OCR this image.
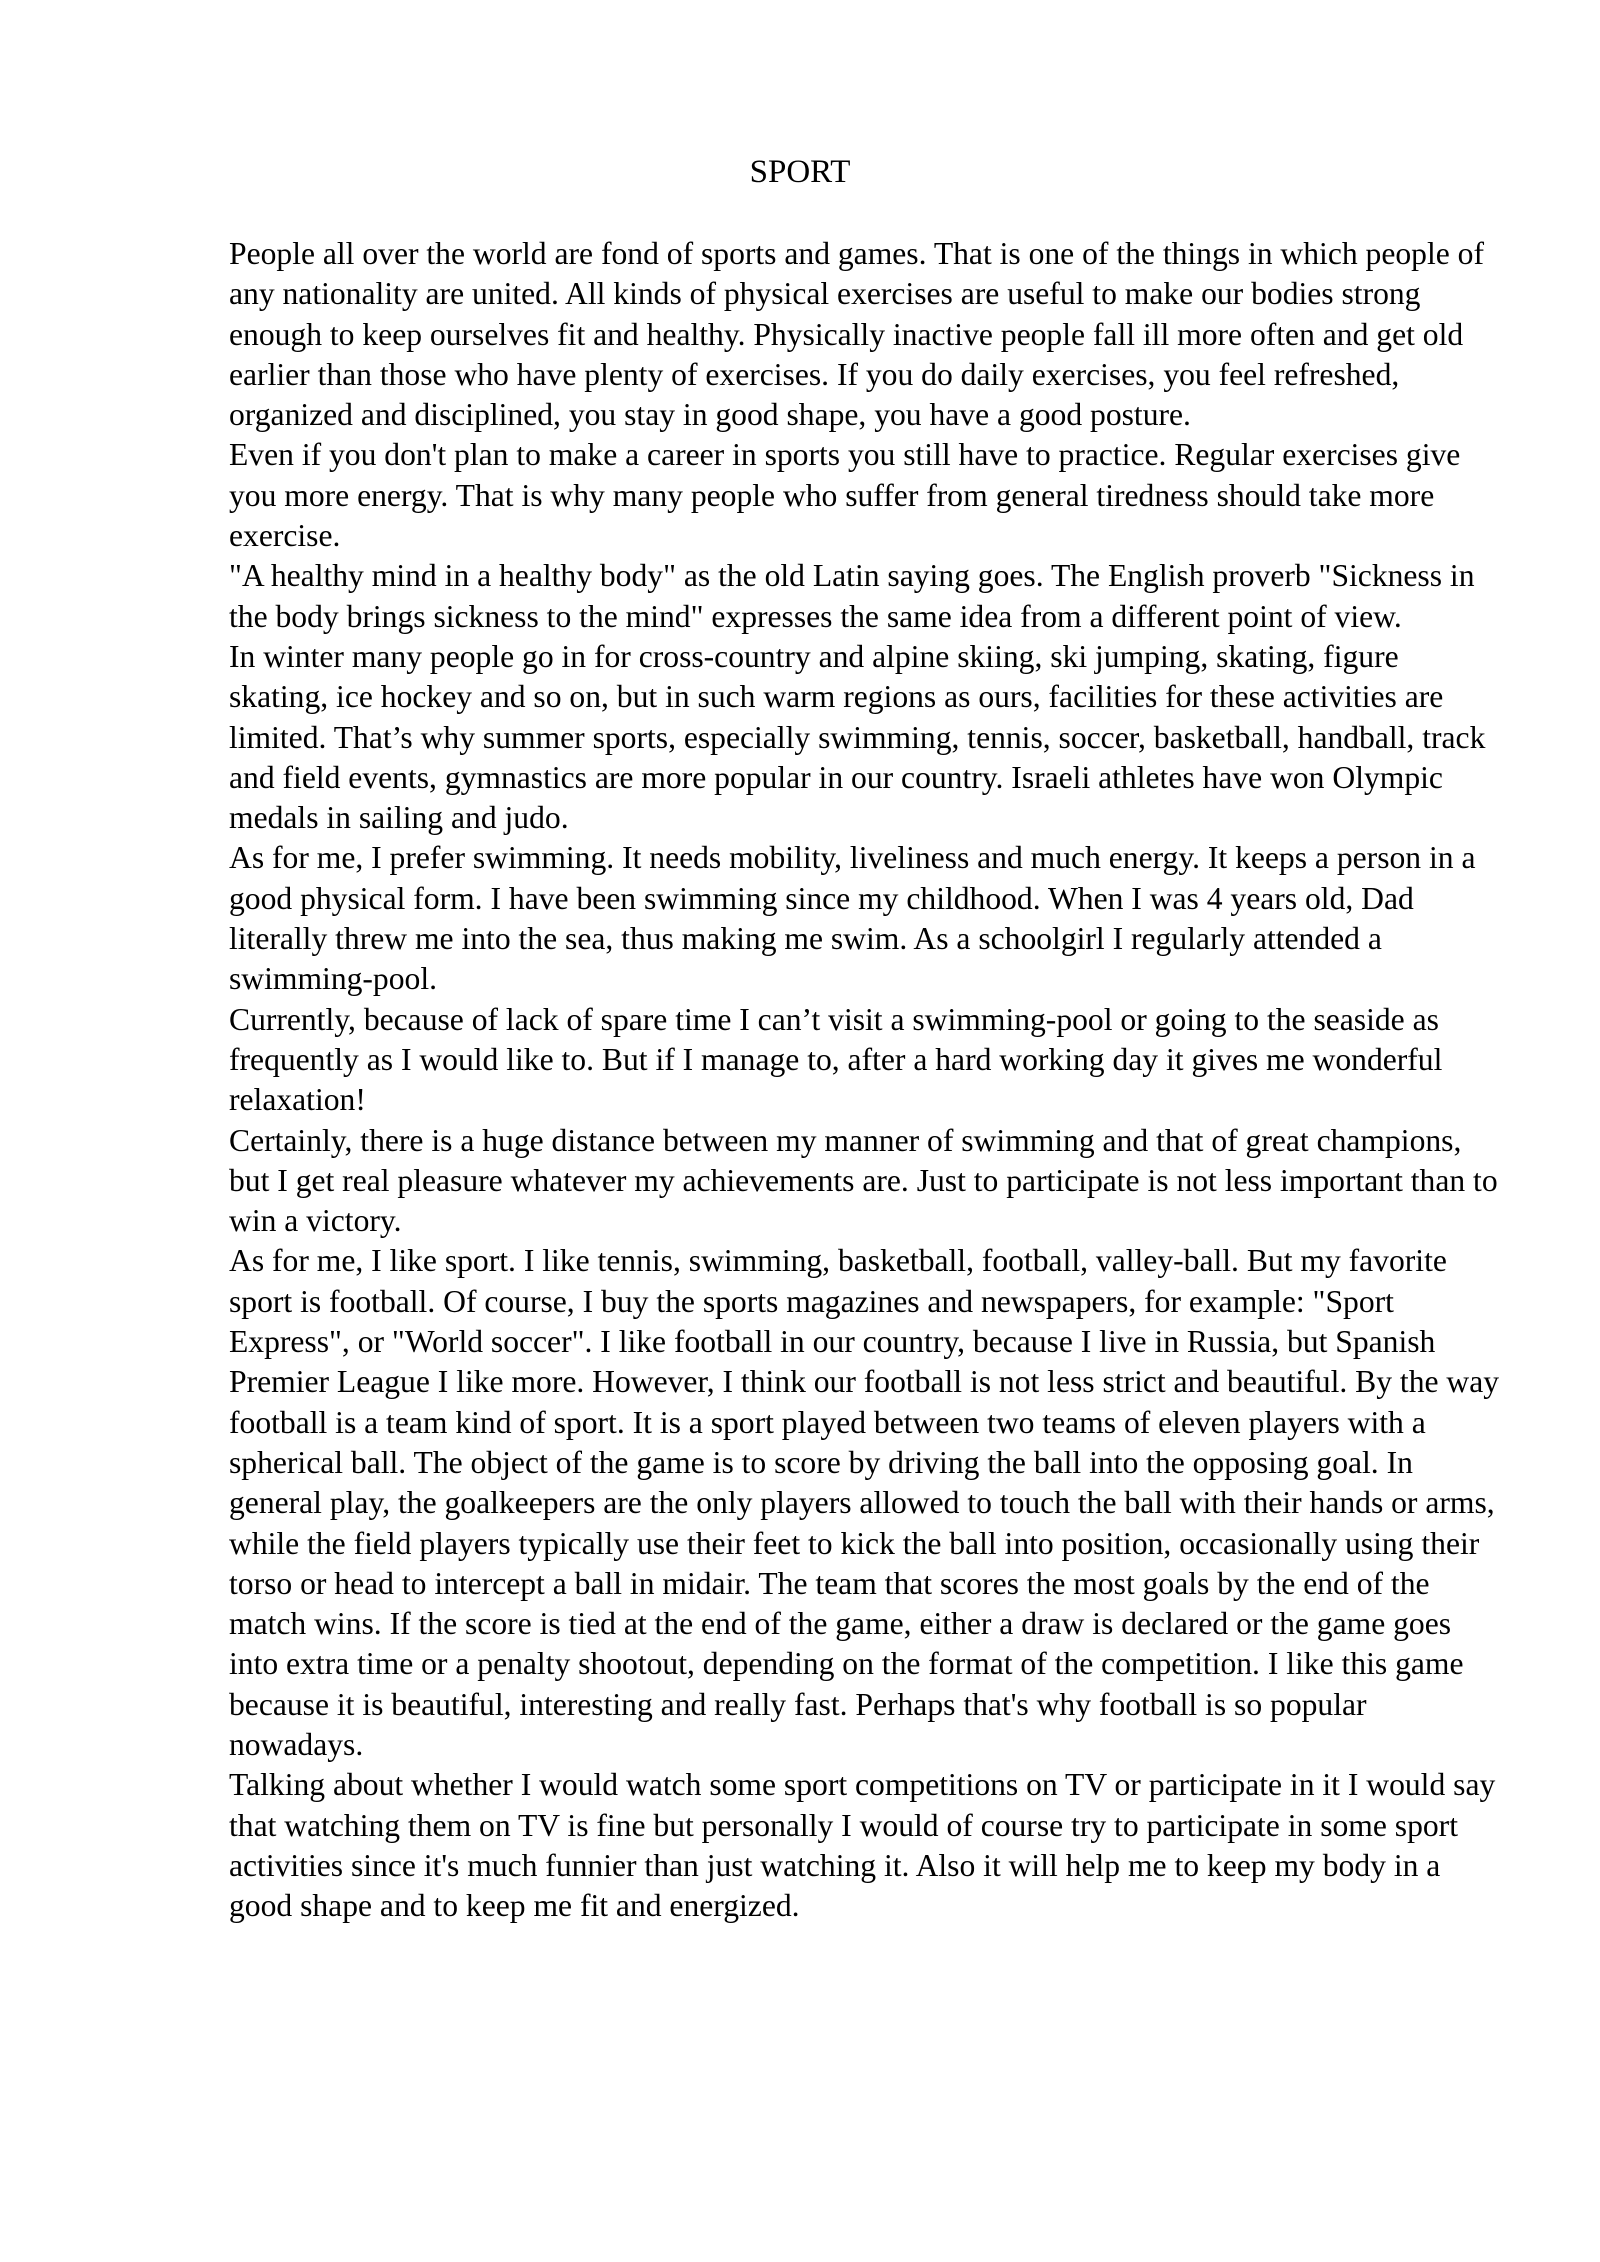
SPORT

People all over the world are fond of sports and games. That is one of the things in which people of any nationality are united. All kinds of physical exercises are useful to make our bodies strong enough to keep ourselves fit and healthy. Physically inactive people fall ill more often and get old earlier than those who have plenty of exercises. If you do daily exercises, you feel refreshed, organized and disciplined, you stay in good shape, you have a good posture.

Even if you don't plan to make a career in sports you still have to practice. Regular exercises give you more energy. That is why many people who suffer from general tiredness should take more exercise.

"A healthy mind in a healthy body" as the old Latin saying goes. The English proverb "Sickness in the body brings sickness to the mind" expresses the same idea from a different point of view.

In winter many people go in for cross-country and alpine skiing, ski jumping, skating, figure skating, ice hockey and so on, but in such warm regions as ours, facilities for these activities are limited. That’s why summer sports, especially swimming, tennis, soccer, basketball, handball, track and field events, gymnastics are more popular in our country. Israeli athletes have won Olympic medals in sailing and judo.

As for me, I prefer swimming. It needs mobility, liveliness and much energy. It keeps a person in a good physical form. I have been swimming since my childhood. When I was 4 years old, Dad literally threw me into the sea, thus making me swim. As a schoolgirl I regularly attended a swimming-pool.

Currently, because of lack of spare time I can’t visit a swimming-pool or going to the seaside as frequently as I would like to. But if I manage to, after a hard working day it gives me wonderful relaxation!

Certainly, there is a huge distance between my manner of swimming and that of great champions, but I get real pleasure whatever my achievements are. Just to participate is not less important than to win a victory.

As for me, I like sport. I like tennis, swimming, basketball, football, valley-ball. But my favorite sport is football. Of course, I buy the sports magazines and newspapers, for example: "Sport Express", or "World soccer". I like football in our country, because I live in Russia, but Spanish Premier League I like more. However, I think our football is not less strict and beautiful. By the way football is a team kind of sport. It is a sport played between two teams of eleven players with a spherical ball. The object of the game is to score by driving the ball into the opposing goal. In general play, the goalkeepers are the only players allowed to touch the ball with their hands or arms, while the field players typically use their feet to kick the ball into position, occasionally using their torso or head to intercept a ball in midair. The team that scores the most goals by the end of the match wins. If the score is tied at the end of the game, either a draw is declared or the game goes into extra time or a penalty shootout, depending on the format of the competition. I like this game because it is beautiful, interesting and really fast. Perhaps that's why football is so popular nowadays.

Talking about whether I would watch some sport competitions on TV or participate in it I would say that watching them on TV is fine but personally I would of course try to participate in some sport activities since it's much funnier than just watching it. Also it will help me to keep my body in a good shape and to keep me fit and energized.
